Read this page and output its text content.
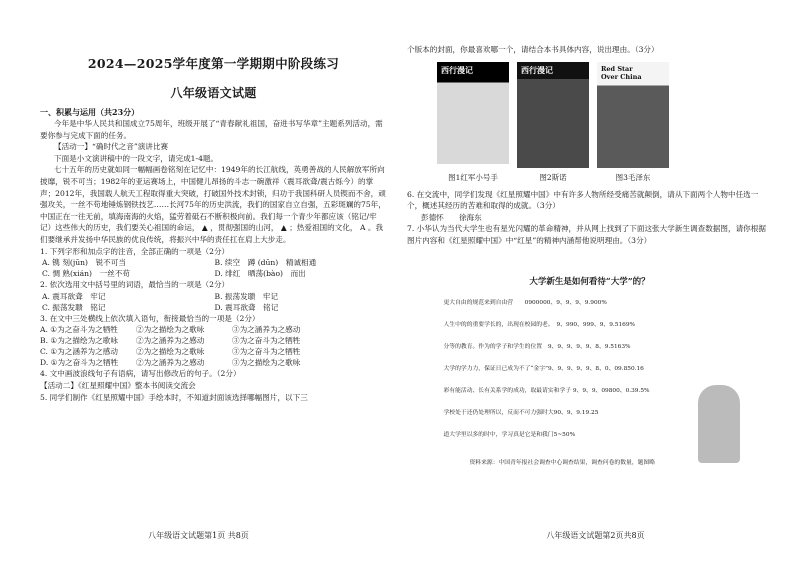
2024—2025学年度第一学期期中阶段练习

八年级语文试题

一、积累与运用（共23分）
今年是中华人民共和国成立75周年，班级开展了“青春献礼祖国，奋进书写华章”主题系列活动，需要你参与完成下面的任务。
【活动一】“确时代之音”演讲比赛
下面是小文演讲稿中的一段文字，请完成1-4题。
七十五年的历史就如同一幅幅画卷铭刻在记忆中：1949年的长江航线，英勇善战的人民解放军所向披靡，锐不可当；1982年的亚运赛场上，中国健儿昂扬的斗志一碗激祥（震耳欲聋/震古烁今）的掌声；2012年，我国载人航天工程取得重大突破，打破国外技术封锁，归功于我国科研人员锲而不舍，顽强攻关，一丝不苟地锤炼钢铁技艺……长河75年的历史洪流，我们的国家自立自强，五彩斑斓的75年，中国正在一往无前，填海南海的火焰，猛劳着砥石不断积极向前。我们每一个青少年都应该（铭记/牢记）这些伟大的历史，我们要关心祖国的命运， ▲ ，贯彻强国的山河， ▲ ；热爱祖国的文化， A 。我们要继承并发扬中华民族的优良传统，将振兴中华的责任扛在肩上大步走。
1. 下列字形和加点字的注音，全部正确的一项是（2分）
A. 镌 刻(jūn)　锐不可当	B. 续空　蹲 (dūn)　精诚相通
C. 惆 熟(xián)　一丝不苟	D. 绯红　晒荡(bào)　而出
2. 依次选用文中括号里的词语，最恰当的一项是（2分）
A. 震耳欲聋　牢记	B. 振荡发聩　牢记
C. 振荡发聩　铭记	D. 震耳欲聋　铭记
3. 在文中三处横线上依次填入语句，衔接最恰当的一项是（2分）
A. ①为之奋斗为之牺牲	②为之描绘为之歌咏	③为之涵养为之感动
B. ①为之描绘为之歌咏	②为之涵养为之感动	③为之奋斗为之牺牲
C. ①为之涵养为之感动	②为之描绘为之歌咏	③为之奋斗为之牺牲
D. ①为之奋斗为之牺牲	②为之涵养为之感动	③为之描绘为之歌咏
4. 文中画波浪线句子有语病，请写出修改后的句子。（2分）
【活动二】《红星照耀中国》整本书阅读交流会
5. 同学们制作《红星照耀中国》手绘本时，不知道封面该选择哪幅图片，以下三
八年级语文试题第1页 共8页
个版本的封面，你最喜欢哪一个，请结合本书具体内容，说出理由。（3分）
西行漫记	西行漫记	Red Star Over China
图1红军小号手	图2斯诺	图3毛泽东
6. 在交流中，同学们发现《红星照耀中国》中有许多人物所经受痛苦就颠倒，请从下面两个人物中任选一个，概述其经历的苦难和取得的成就。（3分）
彭德怀　　徐海东
7. 小华认为当代大学生也有星光闪耀的革命精神，并从网上找到了下面这张大学新生调查数据图，请你根据图片内容和《红星照耀中国》中“红星”的精神内涵帮他说明理由。（3分）
大学新生是如何看待“大学”的？
更大自由的规范来到自由营　　0900000、9、9、9、9.900%
人生中的的重要学长的，出现在校园的老。　9、990、999、9、9.5169%
分等的教育。作为的学子和学生的位置　9、9、9、9、9、8、9.5163%
大学的学力力，保证日已成为不了“金字”9、9、9、9、9、8、0、09.850.16
彩有能活动、长有关系学的成功，取最请实和学子 9、9、9、09800、0.39.5%
学校处于还仍处理所以，反而不可力强时大90、9、9.19.25
道大学里以多的时中，学习真是它是和我门5~50%
资料来源：中国青年报社会调查中心调查结果，调查问卷的数量，题图略
八年级语文试题第2页共8页
